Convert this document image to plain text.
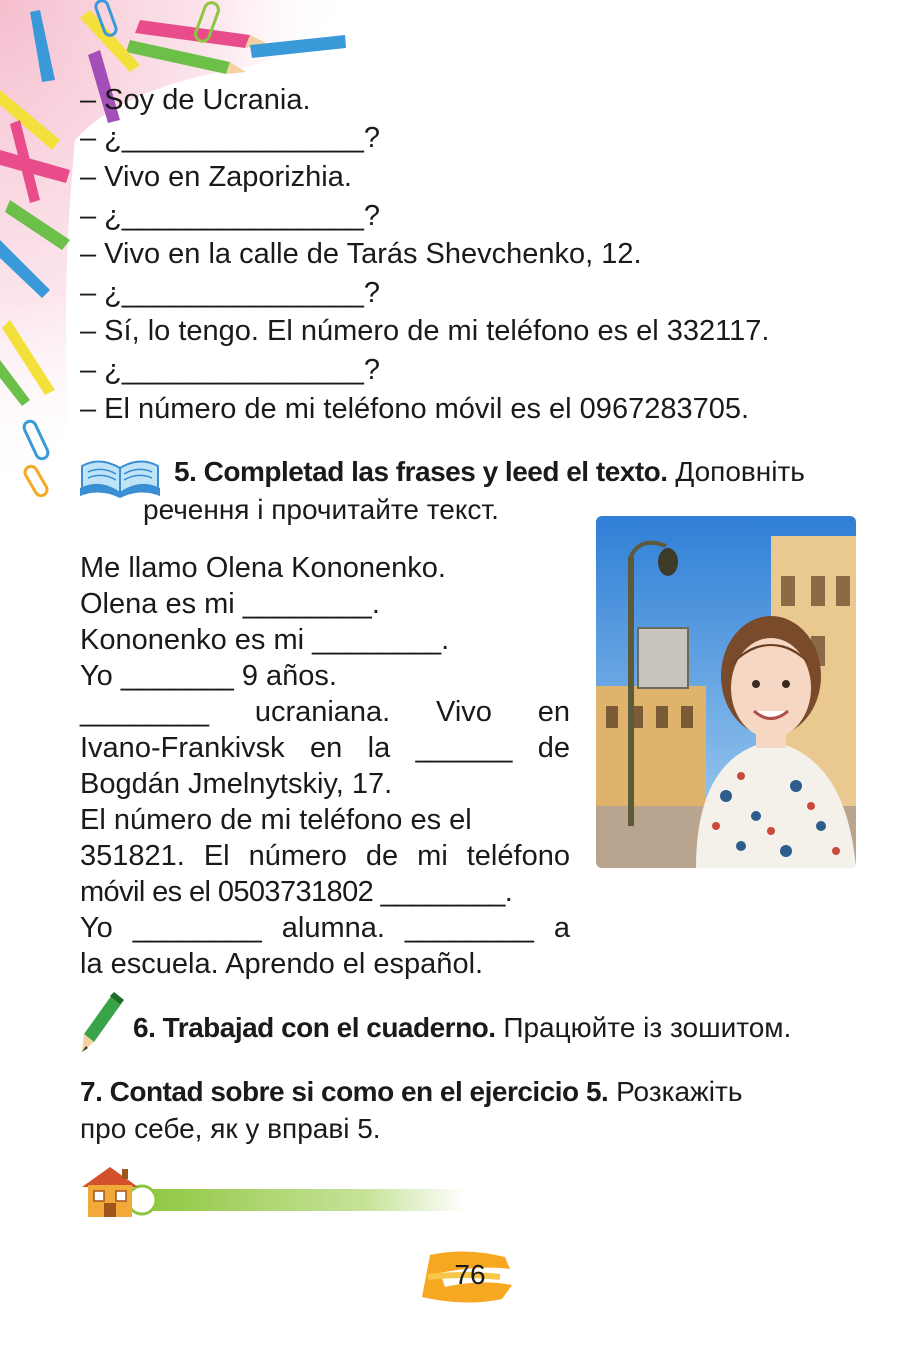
– Soy de Ucrania.
– ¿_______________?
– Vivo en Zaporizhia.
– ¿_______________?
– Vivo en la calle de Tarás Shevchenko, 12.
– ¿_______________?
– Sí, lo tengo. El número de mi teléfono es el 332117.
– ¿_______________?
– El número de mi teléfono móvil es el 0967283705.
5. Completad las frases y leed el texto. Доповніть
речення і прочитайте текст.
Me llamo Olena Kononenko.
Olena es mi ________.
Kononenko es mi ________.
Yo _______ 9 años.
________ ucraniana. Vivo en
Ivano-Frankivsk en la ______ de
Bogdán Jmelnytskiy, 17.
El número de mi teléfono es el
351821. El número de mi teléfono
móvil es el 0503731802 ________.
Yo ________ alumna. ________ a
la escuela. Aprendo el español.
6. Trabajad con el cuaderno. Працюйте із зошитом.
7. Contad sobre si como en el ejercicio 5. Розкажіть
про себе, як у вправі 5.
76
